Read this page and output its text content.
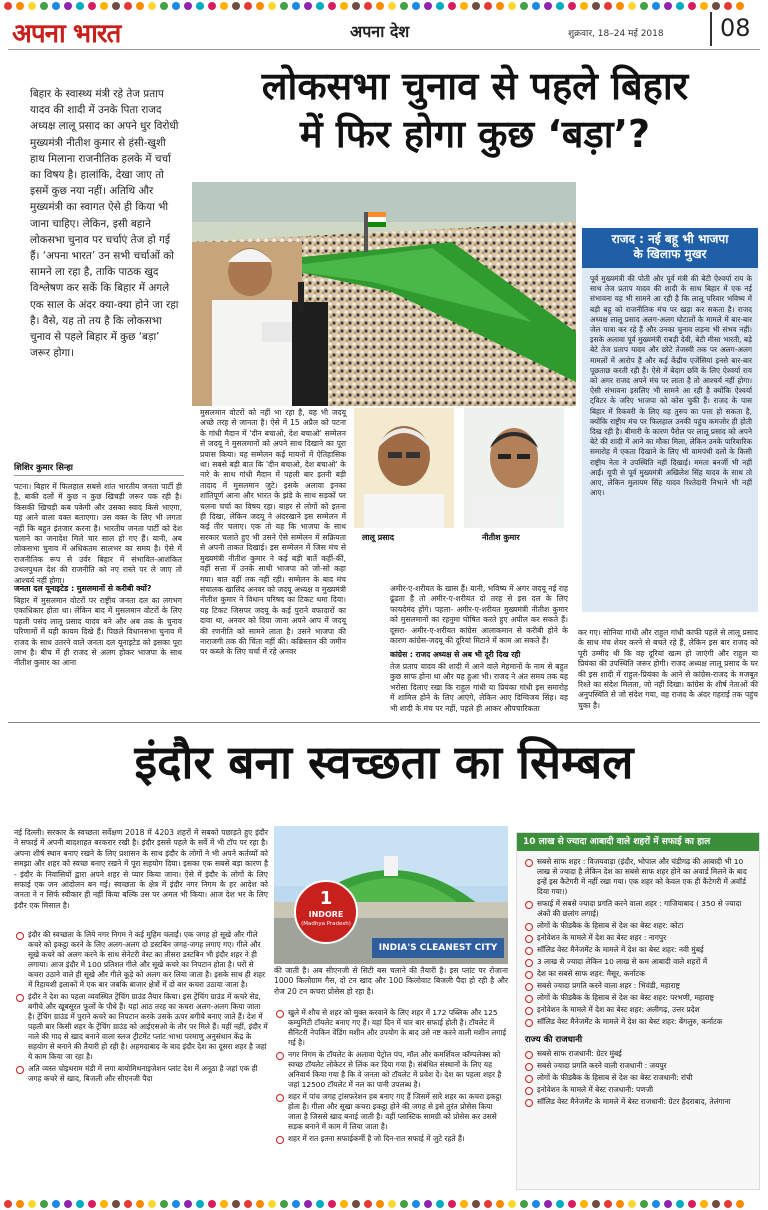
अपना भारत	अपना देश	शुक्रवार, 18–24 मई 2018 08
बिहार के स्वास्थ्य मंत्री रहे तेज प्रताप यादव की शादी में उनके पिता राजद अध्यक्ष लालू प्रसाद का अपने धुर विरोधी मुख्यमंत्री नीतीश कुमार से हंसी-खुशी हाथ मिलाना राजनीतिक हलके में चर्चा का विषय है। हालांकि, देखा जाए तो इसमें कुछ नया नहीं। अतिथि और मुख्यमंत्री का स्वागत ऐसे ही किया भी जाना चाहिए। लेकिन, इसी बहाने लोकसभा चुनाव पर चर्चाएं तेज हो गई हैं। ‘अपना भारत’ उन सभी चर्चाओं को सामने ला रहा है, ताकि पाठक खुद विश्लेषण कर सकें कि बिहार में अगले एक साल के अंदर क्या-क्या होने जा रहा है। वैसे, यह तो तय है कि लोकसभा चुनाव से पहले बिहार में कुछ ‘बड़ा’ जरूर होगा।
लोकसभा चुनाव से पहले बिहार
में फिर होगा कुछ ‘बड़ा’?
राजद : नई बहू भी भाजपा
के खिलाफ मुखर
पूर्व मुख्यमंत्री की पोती और पूर्व मंत्री की बेटी ऐश्वर्या राय के साथ तेज प्रताप यादव की शादी के साथ बिहार में एक नई संभावना यह भी सामने आ रही है कि लालू परिवार भविष्य में बड़ी बहू को राजनीतिक मंच पर खड़ा कर सकता है। राजद अध्यक्ष लालू प्रसाद अलग-अलग घोटालों के मामले में बार-बार जेल यात्रा कर रहे हैं और उनका चुनाव लड़ना भी संभव नहीं। इसके अलावा पूर्व मुख्यमंत्री राबड़ी देवी, बेटी मीसा भारती, बड़े बेटे तेज प्रताप यादव और छोटे तेजस्वी तक पर अलग-अलग मामलों में आरोप हैं और कई केंद्रीय एजेंसियां इनसे बार-बार पूछताछ करती रही हैं। ऐसे में बेदाग छवि के लिए ऐश्वर्या राय को अगर राजद अपने मंच पर लाता है तो आश्चर्य नहीं होगा। ऐसी संभावना इसलिए भी सामने आ रही है क्योंकि ऐश्वर्या ट्विटर के जरिए भाजपा को कोस चुकी हैं। राजद के पास बिहार में रिकवरी के लिए यह तुरुप का पत्ता हो सकता है, क्योंकि राष्ट्रीय मंच पर फिलहाल उनकी पहुंच कमजोर ही होती दिख रही है। बीमारी के कारण पैरोल पर लालू प्रसाद को अपने बेटे की शादी में आने का मौका मिला, लेकिन उनके पारिवारिक समारोह में एकता दिखाने के लिए भी वामपंथी दलों के किसी राष्ट्रीय नेता ने उपस्थिति नहीं दिखाई। ममता बनर्जी भी नहीं आईं। यूपी से पूर्व मुख्यमंत्री अखिलेश सिंह यादव के साथ तो आए, लेकिन मुलायम सिंह यादव रिश्तेदारी निभाने भी नहीं आए।
शिशिर कुमार सिन्हा
पटना। बिहार में फिलहाल सबसे शांत भारतीय जनता पार्टी ही है, बाकी दलों में कुछ न कुछ खिचड़ी जरूर पक रही है। किसकी खिचड़ी कब पकेगी और उसका स्वाद किसे भाएगा, यह आने वाला वक्त बताएगा। उस वक्त के लिए भी लगता नहीं कि बहुत इंतजार करना है। भारतीय जनता पार्टी को देश चलाने का जनादेश मिले चार साल हो गए हैं। यानी, अब लोकसभा चुनाव में अधिकतम सालभर का समय है। ऐसे में राजनीतिक रूप से उर्वर बिहार में संभावित-आशंकित उथलपुथल देश की राजनीति को नए रास्ते पर ले जाए तो आश्चर्य नहीं होगा।
जनता दल यूनाइटेड : मुसलमानों से करीबी क्यों?
बिहार में मुसलमान वोटरों पर राष्ट्रीय जनता दल का लगभग एकाधिकार होता था। लेकिन बाद में मुसलमान वोटरों के लिए पहली पसंद लालू प्रसाद यादव बने और अब तक के चुनाव परिणामों में यही कायम दिखे हैं। पिछले विधानसभा चुनाव में राजद के साथ उतरने वाले जनता दल यूनाइटेड को इसका पूरा लाभ है। बीच में ही राजद से अलग होकर भाजपा के साथ नीतीश कुमार का आना
मुसलमान वोटरों को नहीं भा रहा है, यह भी जदयू अच्छे तरह से जानता है। ऐसे में 15 अप्रैल को पटना के गांधी मैदान में 'दीन बचाओ, देश बचाओ' सम्मेलन से जदयू ने मुसलमानों को अपने साथ दिखाने का पूरा प्रयास किया। यह सम्मेलन कई मायनों में ऐतिहासिक था। सबसे बड़ी बात कि 'दीन बचाओ, देश बचाओ' के नारे के साथ गांधी मैदान में पहली बार इतनी बड़ी तादाद में मुसलमान जुटे। इसके अलावा इनका शांतिपूर्ण आना और भारत के झंडे के साथ सड़कों पर चलना चर्चा का विषय रहा। बाहर से लोगों को इतना ही दिखा, लेकिन जदयू ने अंदरखाने इस सम्मेलन में कई तीर चलाए। एक तो यह कि भाजपा के साथ सरकार चलाते हुए भी उसने ऐसे सम्मेलन में सक्रियता से अपनी ताकत दिखाई। इस सम्मेलन में जिस मंच से मुख्यमंत्री नीतीश कुमार ने कई बड़ी बातें कहीं-कीं, वहीं सत्ता में उनके साथी भाजपा को जो-सो कहा गया। बात वहीं तक नहीं रही। सम्मेलन के बाद मंच संचालक खालिद अनवर को जदयू अध्यक्ष व मुख्यमंत्री नीतीश कुमार ने विधान परिषद का टिकट थमा दिया। यह टिकट जिसपर जदयू के कई पुराने वफादारों का दावा था, अनवर को दिया जाना अपने आप में जदयू की रणनीति को सामने लाता है। उसने भाजपा की नाराजगी तक की चिंता नहीं की। कब्रिस्तान की जमीन पर कब्जे के लिए चर्चा में रहे अनवर
लालू प्रसाद	नीतीश कुमार
अमीर-ए-शरीयत के खास हैं। यानी, भविष्य में अगर जदयू नई राह ढूंढता है तो अमीर-ए-शरीयत दो तरह से इस दल के लिए फायदेमंद होंगे। पहला- अमीर-ए-शरीयत मुख्यमंत्री नीतीश कुमार को मुसलमानों का रहनुमा घोषित करते हुए अपील कर सकते हैं। दूसरा- अमीर-ए-शरीयत कांग्रेस आलाकमान से करीबी होने के कारण कांग्रेस-जदयू की दूरियां मिटाने में काम आ सकते हैं।
कांग्रेस : राजद अध्यक्ष से अब भी दूरी दिख रही
तेज प्रताप यादव की शादी में आने वाले मेहमानों के नाम से बहुत कुछ साफ होना था और यह हुआ भी। राजद ने अंत समय तक यह भरोसा दिलाए रखा कि राहुल गांधी या प्रियंका गांधी इस समारोह में शामिल होने के लिए आएंगे, लेकिन आए दिग्विजय सिंह। वह भी शादी के मंच पर नहीं, पहले ही आकर औपचारिकता
कर गए। सोनिया गांधी और राहुल गांधी काफी पहले से लालू प्रसाद के साथ मंच शेयर करने से बचते रहे हैं, लेकिन इस बार राजद को पूरी उम्मीद थी कि वह दूरियां खत्म हो जाएंगी और राहुल या प्रियंका की उपस्थिति जरूर होगी। राजद अध्यक्ष लालू प्रसाद के घर की इस शादी में राहुल-प्रियंका के आने से कांग्रेस-राजद के मजबूत रिश्ते का संदेश मिलता, जो नहीं दिखा। कांग्रेस के शीर्ष नेताओं की अनुपस्थिति से जो संदेश गया, वह राजद के अंदर गहराई तक पहुंच चुका है।
इंदौर बना स्वच्छता का सिम्बल
नई दिल्ली। सरकार के स्वच्छता सर्वेक्षण 2018 में 4203 शहरों में सबको पछाड़ते हुए इंदौर ने सफाई में अपनी बादशाहत बरकरार रखी है। इंदौर इससे पहले के सर्वे में भी टॉप पर रहा है। अपना शीर्ष स्थान बनाए रखने के लिए प्रशासन के साथ इंदौर के लोगों ने भी अपने कर्तव्यों को समझा और शहर को स्वच्छ बनाए रखने में पूरा सहयोग दिया। इसका एक सबसे बड़ा कारण है - इंदौर के निवासियों द्वारा अपने शहर से प्यार किया जाना। ऐसे में इंदौर के लोगों के लिए सफाई एक जन आंदोलन बन गई। स्वच्छता के क्षेत्र में इंदौर नगर निगम के हर आदेश को जनता ने न सिर्फ स्वीकार ही नहीं किया बल्कि उस पर अमल भी किया। आज देश भर के लिए इंदौर एक मिसाल है।
इंदौर की स्वच्छता के लिये नगर निगम ने कई मुहिम चलाईं। एक जगह हो सूखे और गीले कचरे को इकट्ठा करने के लिए अलग-अलग दो डस्टबिन जगह-जगह लगाए गए। गीले और सूखे कचरे को अलग करने के साथ सेनेटरी वेस्ट का तीसरा डस्टबिन भी इंदौर शहर ने ही लगाया। आज इंदौर में 100 प्रतिशत गीले और सूखे कचरे का निपटान होता है। घरों से कचरा उठाने वाले ही सूखे और गीले कूड़े को अलग कर लिया जाता है। इसके साथ ही शहर में रिहायशी इलाकों में एक बार जबकि बाजार क्षेत्रों में दो बार कचरा उठाया जाता है।
इंदौर ने देश का पहला व्यवस्थित ट्रेंचिंग ग्राउंड तैयार किया। इस ट्रेंचिंग ग्राउंड में कचरे सेड, बगीचे और खूबसूरत फूलों के पौधे हैं। यहां आठ तरह का कचरा अलग-अलग किया जाता है। ट्रेंचिंग ग्राउंड में पुराने कचरे का निपटान करके उसके ऊपर बगीचे बनाए जाते हैं। देश में पहली बार किसी शहर के ट्रेंचिंग ग्राउंड को आईएसओ के तौर पर मिले हैं। यहीं नहीं, इंदौर में नाले की गाद से खाद बनाने वाला स्लज ट्रीटमेंट प्लांट भाभा परमाणु अनुसंधान केंद्र के सहयोग से बनाने की तैयारी हो रही है। अहमदाबाद के बाद इंदौर देश का दूसरा शहर है जहां ये काम किया जा रहा है।
अति व्यस्त चोइथराम मंडी में लगा बायोमिथनाइजेशन प्लांट देश में अनूठा है जहां एक ही जगह कचरे से खाद, बिजली और सीएनजी पैदा
1
INDORE
(Madhya Pradesh)
INDIA'S CLEANEST CITY
की जाती है। अब सीएनजी से सिटी बस चलाने की तैयारी है। इस प्लांट पर रोजाना 1000 किलोग्राम गैस, दो टन खाद और 100 किलोवाट बिजली पैदा हो रही है और रोज 20 टन कचरा प्रोसेस हो रहा है।
खुले में शौच से शहर को मुक्त करवाने के लिए शहर में 172 पब्लिक और 125 कम्युनिटी टॉयलेट बनाए गए हैं। यहां दिन में चार बार सफाई होती है। टॉयलेट में सैनिटरी नेपकिन वेंडिंग मशीन और उपयोग के बाद उसे नष्ट करने वाली मशीन लगाई गई है।
नगर निगम के टॉयलेट के अलावा पेट्रोल पंप, मॉल और कमर्शियल कॉम्पलेक्स को स्वच्छ टॉयलेट लोकेटर से लिंक कर दिया गया है। संबंधित संस्थानों के लिए यह अनिवार्य किया गया है कि वे जनता को टॉयलेट में प्रवेश दें। देश का पहला शहर है जहां 12500 टॉयलेट में नल का पानी उपलब्ध है।
शहर में पांच जगह ट्रांसफरेशन हब बनाए गए हैं जिसमें सारे शहर का कचरा इकट्ठा होता है। गीला और सूखा कचरा इकट्ठा होने की जगह से इसे तुरंत प्रोसेस किया जाता है जिससे खाद बनाई जाती है। वहीं प्लास्टिक सामग्री को प्रोसेस कर उससे सड़क बनाने में काम में लिया जाता है।
शहर में रात इतना सफाईकर्मी है जो दिन-रात सफाई में जुटे रहते हैं।
10 लाख से ज्यादा आबादी वाले शहरों में सफाई का हाल
सबसे साफ शहर : विजयवाड़ा (इंदौर, भोपाल और चंडीगढ़ की आबादी भी 10 लाख से ज्यादा है लेकिन देश का सबसे साफ शहर होने का अवार्ड मिलने के बाद इन्हें इस कैटेगरी में नहीं रखा गया। एक शहर को केवल एक ही कैटेगरी में अवॉर्ड दिया गया।)
सफाई में सबसे ज्यादा प्रगति करने वाला शहर : गाजियाबाद ( 350 से ज्यादा अंकों की छलांग लगाई)
लोगों के फीडबैक के हिसाब से देश का बेस्ट शहर: कोटा
इनोवेशन के मामले में देश का बेस्ट शहर : नागपुर
सॉलिड वेस्ट मैनेजमेंट के मामले में देश का बेस्ट शहर: नवी मुंबई
3 लाख से ज्यादा लेकिन 10 लाख से कम आबादी वाले शहरों में
देश का सबसे साफ शहर: मैसूर, कर्नाटक
सबसे ज्यादा प्रगति करने वाला शहर : भिवंडी, महाराष्ट्र
लोगों के फीडबैक के हिसाब से देश का बेस्ट शहर: परभणी, महाराष्ट्र
इनोवेशन के मामले में देश का बेस्ट शहर: अलीगढ़, उत्तर प्रदेश
सॉलिड वेस्ट मैनेजमेंट के मामले में देश का बेस्ट शहर: बेंगलुरु, कर्नाटक
राज्य की राजधानी
सबसे साफ राजधानी: ग्रेटर मुंबई
सबसे ज्यादा प्रगति करने वाली राजधानी : जयपुर
लोगों के फीडबैक के हिसाब से देश का बेस्ट राजधानी: रांची
इनोवेशन के मामले में बेस्ट राजधानी: पणजी
सॉलिड वेस्ट मैनेजमेंट के मामले में बेस्ट राजधानी: ग्रेटर हैदराबाद, तेलंगाना
